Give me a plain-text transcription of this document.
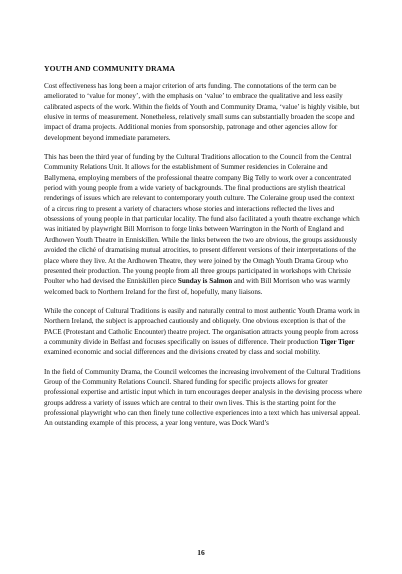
YOUTH AND COMMUNITY DRAMA

Cost effectiveness has long been a major criterion of arts funding. The connotations of the term can be ameliorated to ‘value for money’, with the emphasis on ‘value’ to embrace the qualitative and less easily calibrated aspects of the work. Within the fields of Youth and Community Drama, ‘value’ is highly visible, but elusive in terms of measurement. Nonetheless, relatively small sums can substantially broaden the scope and impact of drama projects. Additional monies from sponsorship, patronage and other agencies allow for development beyond immediate parameters.

This has been the third year of funding by the Cultural Traditions allocation to the Council from the Central Community Relations Unit. It allows for the establishment of Summer residencies in Coleraine and Ballymena, employing members of the professional theatre company Big Telly to work over a concentrated period with young people from a wide variety of backgrounds. The final productions are stylish theatrical renderings of issues which are relevant to contemporary youth culture. The Coleraine group used the context of a circus ring to present a variety of characters whose stories and interactions reflected the lives and obsessions of young people in that particular locality. The fund also facilitated a youth theatre exchange which was initiated by playwright Bill Morrison to forge links between Warrington in the North of England and Ardhowen Youth Theatre in Enniskillen. While the links between the two are obvious, the groups assiduously avoided the cliché of dramatising mutual atrocities, to present different versions of their interpretations of the place where they live. At the Ardhowen Theatre, they were joined by the Omagh Youth Drama Group who presented their production. The young people from all three groups participated in workshops with Chrissie Poulter who had devised the Enniskillen piece Sunday is Salmon and with Bill Morrison who was warmly welcomed back to Northern Ireland for the first of, hopefully, many liaisons.

While the concept of Cultural Traditions is easily and naturally central to most authentic Youth Drama work in Northern Ireland, the subject is approached cautiously and obliquely. One obvious exception is that of the PACE (Protestant and Catholic Encounter) theatre project. The organisation attracts young people from across a community divide in Belfast and focuses specifically on issues of difference. Their production Tiger Tiger examined economic and social differences and the divisions created by class and social mobility.

In the field of Community Drama, the Council welcomes the increasing involvement of the Cultural Traditions Group of the Community Relations Council. Shared funding for specific projects allows for greater professional expertise and artistic input which in turn encourages deeper analysis in the devising process where groups address a variety of issues which are central to their own lives. This is the starting point for the professional playwright who can then finely tune collective experiences into a text which has universal appeal. An outstanding example of this process, a year long venture, was Dock Ward’s

16
